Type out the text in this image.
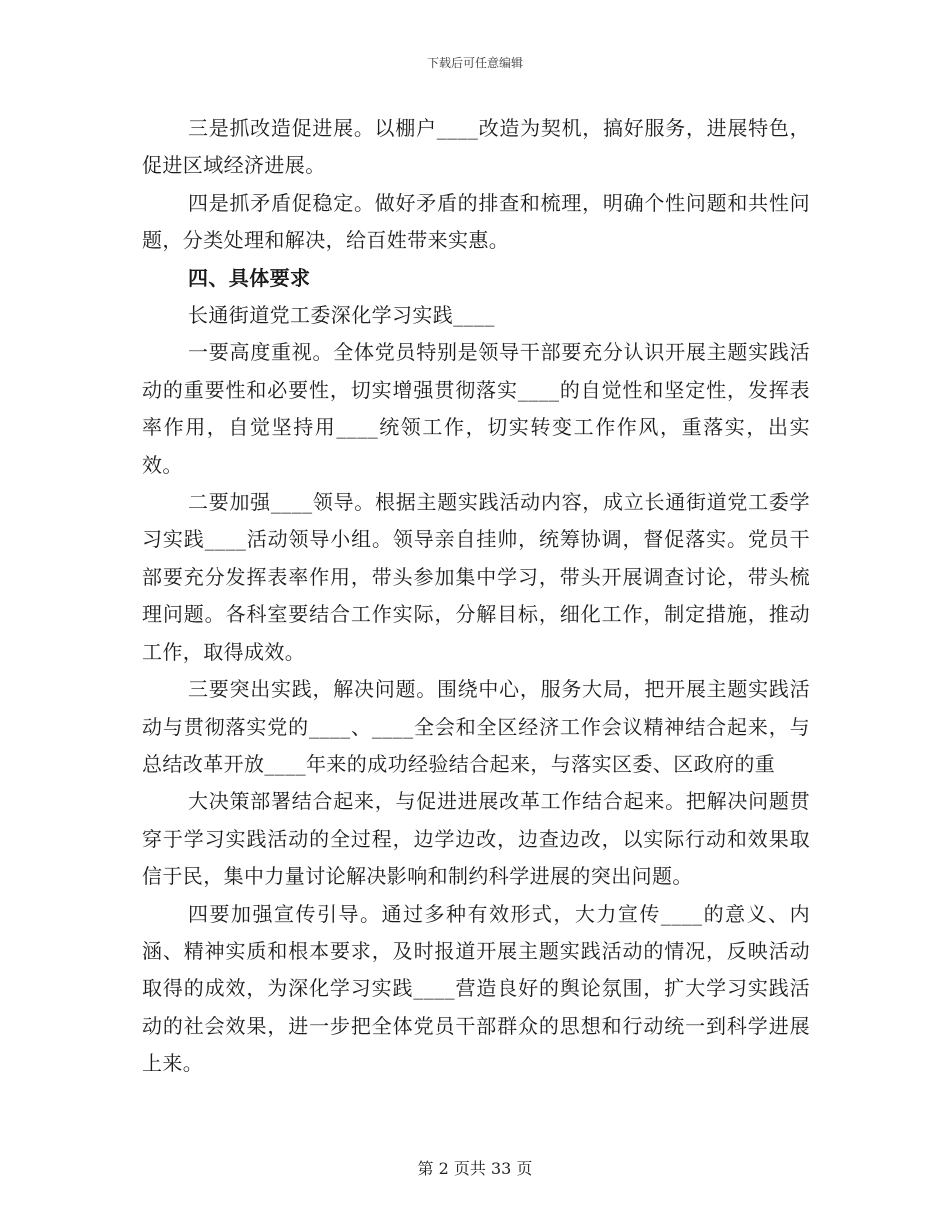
下载后可任意编辑

三是抓改造促进展。以棚户____改造为契机，搞好服务，进展特色，促进区域经济进展。

四是抓矛盾促稳定。做好矛盾的排查和梳理，明确个性问题和共性问题，分类处理和解决，给百姓带来实惠。

四、具体要求

长通街道党工委深化学习实践____

一要高度重视。全体党员特别是领导干部要充分认识开展主题实践活动的重要性和必要性，切实增强贯彻落实____的自觉性和坚定性，发挥表率作用，自觉坚持用____统领工作，切实转变工作作风，重落实，出实效。

二要加强____领导。根据主题实践活动内容，成立长通街道党工委学习实践____活动领导小组。领导亲自挂帅，统筹协调，督促落实。党员干部要充分发挥表率作用，带头参加集中学习，带头开展调查讨论，带头梳理问题。各科室要结合工作实际，分解目标，细化工作，制定措施，推动工作，取得成效。

三要突出实践，解决问题。围绕中心，服务大局，把开展主题实践活动与贯彻落实党的____、____全会和全区经济工作会议精神结合起来，与总结改革开放____年来的成功经验结合起来，与落实区委、区政府的重

大决策部署结合起来，与促进进展改革工作结合起来。把解决问题贯穿于学习实践活动的全过程，边学边改，边查边改，以实际行动和效果取信于民，集中力量讨论解决影响和制约科学进展的突出问题。

四要加强宣传引导。通过多种有效形式，大力宣传____的意义、内涵、精神实质和根本要求，及时报道开展主题实践活动的情况，反映活动取得的成效，为深化学习实践____营造良好的舆论氛围，扩大学习实践活动的社会效果，进一步把全体党员干部群众的思想和行动统一到科学进展上来。

第 2 页共 33 页
